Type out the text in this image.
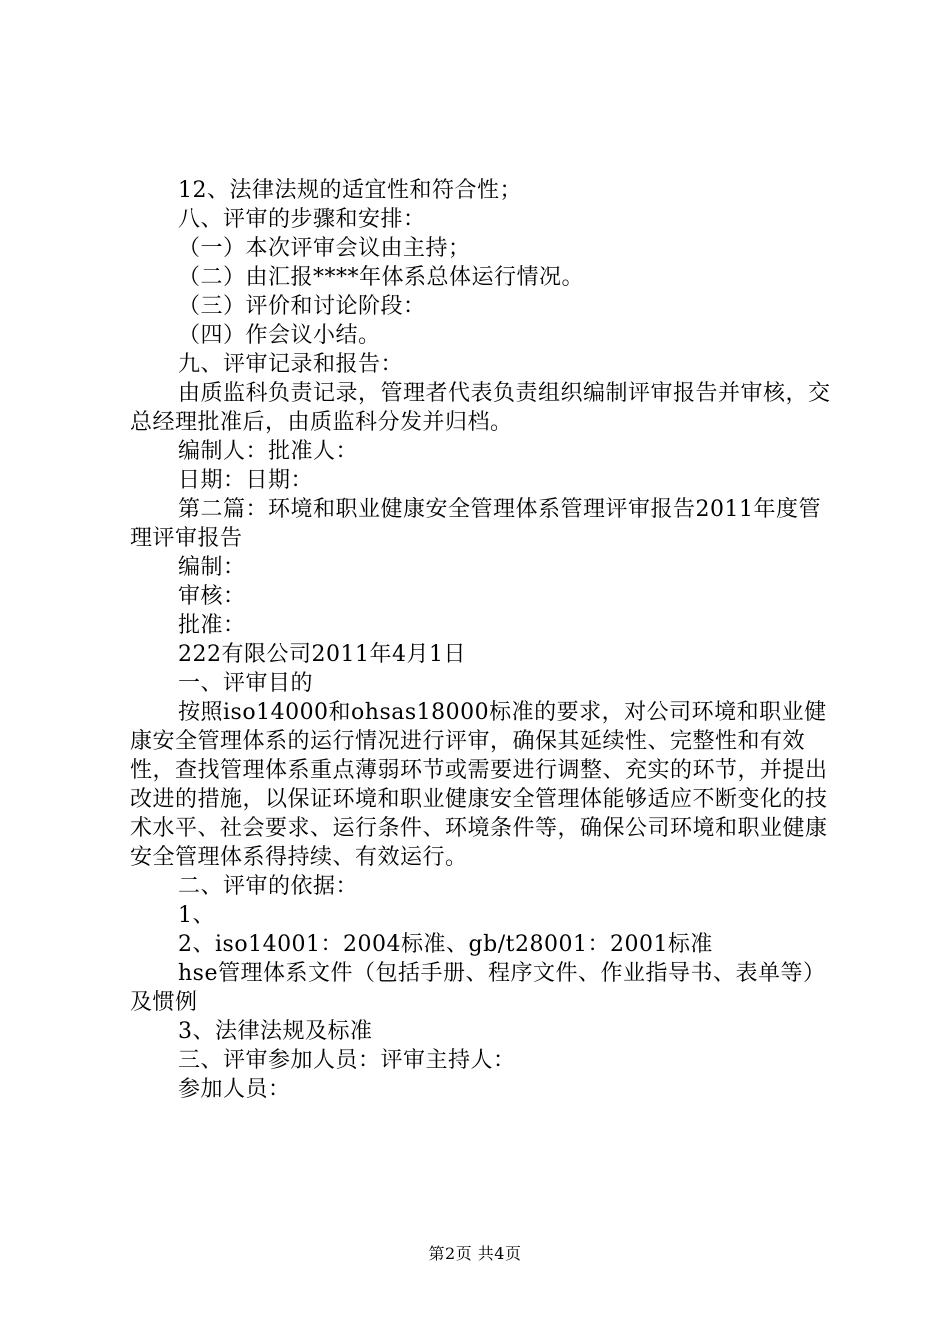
12、法律法规的适宜性和符合性；

八、评审的步骤和安排：

（一）本次评审会议由主持；

（二）由汇报****年体系总体运行情况。

（三）评价和讨论阶段：

（四）作会议小结。

九、评审记录和报告：

由质监科负责记录，管理者代表负责组织编制评审报告并审核，交总经理批准后，由质监科分发并归档。

编制人：批准人：

日期：日期：

第二篇：环境和职业健康安全管理体系管理评审报告2011年度管理评审报告

编制：

审核：

批准：

222有限公司2011年4月1日

一、评审目的

按照iso14000和ohsas18000标准的要求，对公司环境和职业健康安全管理体系的运行情况进行评审，确保其延续性、完整性和有效性，查找管理体系重点薄弱环节或需要进行调整、充实的环节，并提出改进的措施，以保证环境和职业健康安全管理体能够适应不断变化的技术水平、社会要求、运行条件、环境条件等，确保公司环境和职业健康安全管理体系得持续、有效运行。

二、评审的依据：

1、

2、iso14001：2004标准、gb/t28001：2001标准

hse管理体系文件（包括手册、程序文件、作业指导书、表单等）及惯例

3、法律法规及标准

三、评审参加人员：评审主持人：

参加人员：

第2页 共4页
